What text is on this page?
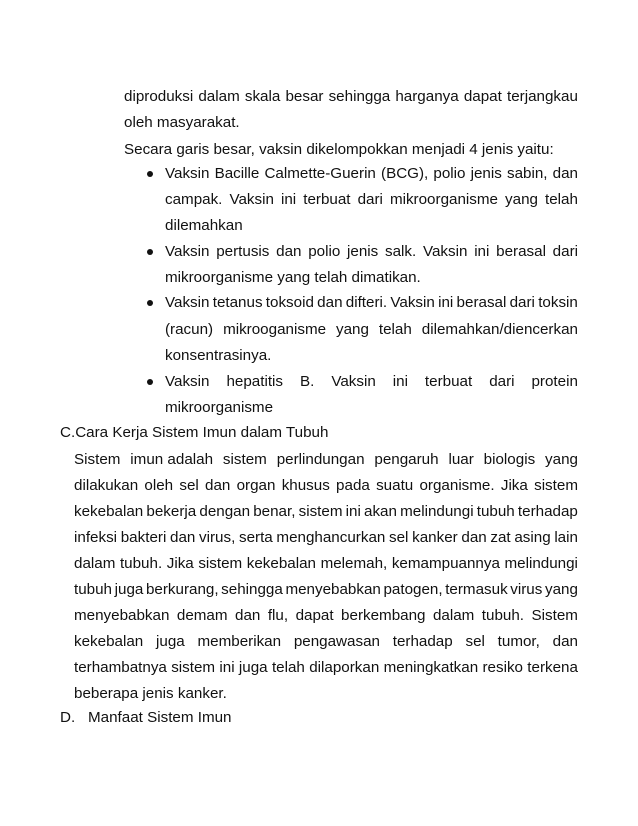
diproduksi dalam skala besar sehingga harganya dapat terjangkau
oleh masyarakat.
Secara garis besar, vaksin dikelompokkan menjadi 4 jenis yaitu:
Vaksin Bacille Calmette-Guerin (BCG), polio jenis sabin, dan
campak. Vaksin ini terbuat dari mikroorganisme yang telah
dilemahkan
Vaksin pertusis dan polio jenis salk. Vaksin ini berasal dari
mikroorganisme yang telah dimatikan.
Vaksin tetanus toksoid dan difteri. Vaksin ini berasal dari toksin
(racun) mikrooganisme yang telah dilemahkan/diencerkan
konsentrasinya.
Vaksin hepatitis B. Vaksin ini terbuat dari protein
mikroorganisme
C.Cara Kerja Sistem Imun dalam Tubuh
Sistem imun adalah sistem perlindungan pengaruh luar biologis yang
dilakukan oleh sel dan organ khusus pada suatu organisme. Jika sistem
kekebalan bekerja dengan benar, sistem ini akan melindungi tubuh terhadap
infeksi bakteri dan virus, serta menghancurkan sel kanker dan zat asing lain
dalam tubuh. Jika sistem kekebalan melemah, kemampuannya melindungi
tubuh juga berkurang, sehingga menyebabkan patogen, termasuk virus yang
menyebabkan demam dan flu, dapat berkembang dalam tubuh. Sistem
kekebalan juga memberikan pengawasan terhadap sel tumor, dan
terhambatnya sistem ini juga telah dilaporkan meningkatkan resiko terkena
beberapa jenis kanker.
D. Manfaat Sistem Imun
